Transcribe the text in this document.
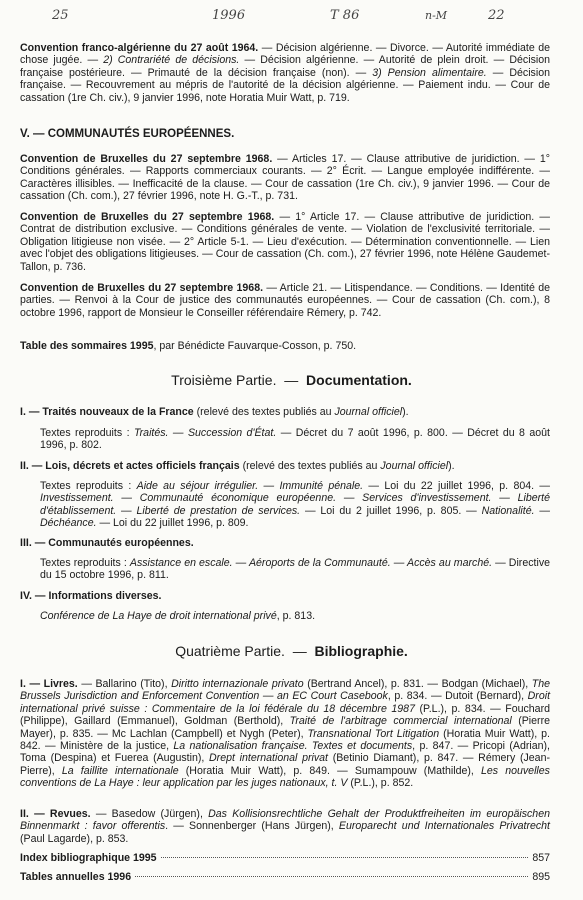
25	1996	T 86	n-M	22
Convention franco-algérienne du 27 août 1964. — Décision algérienne. — Divorce. — Autorité immédiate de chose jugée. — 2) Contrariété de décisions. — Décision algérienne. — Autorité de plein droit. — Décision française postérieure. — Primauté de la décision française (non). — 3) Pension alimentaire. — Décision française. — Recouvrement au mépris de l'autorité de la décision algérienne. — Paiement indu. — Cour de cassation (1re Ch. civ.), 9 janvier 1996, note Horatia Muir Watt, p. 719.
V. — COMMUNAUTÉS EUROPÉENNES.
Convention de Bruxelles du 27 septembre 1968. — Articles 17. — Clause attributive de juridiction. — 1° Conditions générales. — Rapports commerciaux courants. — 2° Écrit. — Langue employée indifférente. — Caractères illisibles. — Inefficacité de la clause. — Cour de cassation (1re Ch. civ.), 9 janvier 1996. — Cour de cassation (Ch. com.), 27 février 1996, note H. G.-T., p. 731.
Convention de Bruxelles du 27 septembre 1968. — 1° Article 17. — Clause attributive de juridiction. — Contrat de distribution exclusive. — Conditions générales de vente. — Violation de l'exclusivité territoriale. — Obligation litigieuse non visée. — 2° Article 5-1. — Lieu d'exécution. — Détermination conventionnelle. — Lien avec l'objet des obligations litigieuses. — Cour de cassation (Ch. com.), 27 février 1996, note Hélène Gaudemet-Tallon, p. 736.
Convention de Bruxelles du 27 septembre 1968. — Article 21. — Litispendance. — Conditions. — Identité de parties. — Renvoi à la Cour de justice des communautés européennes. — Cour de cassation (Ch. com.), 8 octobre 1996, rapport de Monsieur le Conseiller référendaire Rémery, p. 742.
Table des sommaires 1995, par Bénédicte Fauvarque-Cosson, p. 750.
Troisième Partie. — Documentation.
I. — Traités nouveaux de la France (relevé des textes publiés au Journal officiel).
Textes reproduits : Traités. — Succession d'État. — Décret du 7 août 1996, p. 800. — Décret du 8 août 1996, p. 802.
II. — Lois, décrets et actes officiels français (relevé des textes publiés au Journal officiel).
Textes reproduits : Aide au séjour irrégulier. — Immunité pénale. — Loi du 22 juillet 1996, p. 804. — Investissement. — Communauté économique européenne. — Services d'investissement. — Liberté d'établissement. — Liberté de prestation de services. — Loi du 2 juillet 1996, p. 805. — Nationalité. — Déchéance. — Loi du 22 juillet 1996, p. 809.
III. — Communautés européennes.
Textes reproduits : Assistance en escale. — Aéroports de la Communauté. — Accès au marché. — Directive du 15 octobre 1996, p. 811.
IV. — Informations diverses.
Conférence de La Haye de droit international privé, p. 813.
Quatrième Partie. — Bibliographie.
I. — Livres. — Ballarino (Tito), Diritto internazionale privato (Bertrand Ancel), p. 831. — Bodgan (Michael), The Brussels Jurisdiction and Enforcement Convention — an EC Court Casebook, p. 834. — Dutoit (Bernard), Droit international privé suisse : Commentaire de la loi fédérale du 18 décembre 1987 (P.L.), p. 834. — Fouchard (Philippe), Gaillard (Emmanuel), Goldman (Berthold), Traité de l'arbitrage commercial international (Pierre Mayer), p. 835. — Mc Lachlan (Campbell) et Nygh (Peter), Transnational Tort Litigation (Horatia Muir Watt), p. 842. — Ministère de la justice, La nationalisation française. Textes et documents, p. 847. — Pricopi (Adrian), Toma (Despina) et Fuerea (Augustin), Drept international privat (Betinio Diamant), p. 847. — Rémery (Jean-Pierre), La faillite internationale (Horatia Muir Watt), p. 849. — Sumampouw (Mathilde), Les nouvelles conventions de La Haye : leur application par les juges nationaux, t. V (P.L.), p. 852.
II. — Revues. — Basedow (Jürgen), Das Kollisionsrechtliche Gehalt der Produktfreiheiten im europäischen Binnenmarkt : favor offerentis. — Sonnenberger (Hans Jürgen), Europarecht und Internationales Privatrecht (Paul Lagarde), p. 853.
Index bibliographique 1995	857
Tables annuelles 1996	895
